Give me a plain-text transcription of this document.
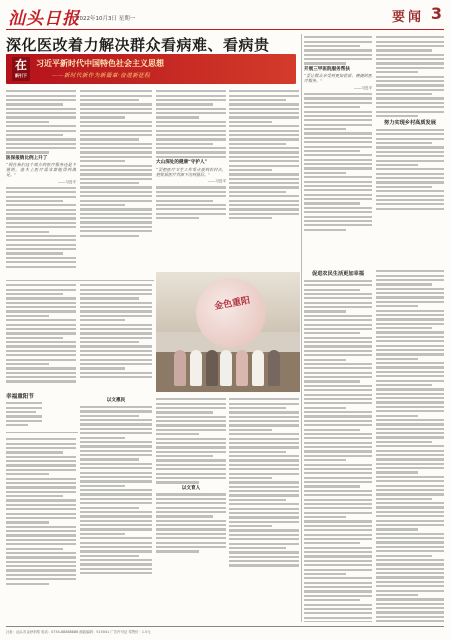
汕头日报
2022年10月3日 星期一	要闻 3
深化医改着力解决群众看病难、看病贵
在
新引下
习近平新时代中国特色社会主义思想
——新时代新作为新篇章·奋进新征程
医保报销比例上升了
“现在我们这个地方的医疗服务还是不错的，基本上医疗需求都能得到满足。”
——习近平
大山深处的健康“守护人”
“要把医疗卫生工作重点放到农村去，把优质医疗资源下沉到基层。”
——习近平
开展三甲医院服务帮扶
“要让群众享受到更加优质、便捷的医疗服务。”
——习近平
努力实现乡村高质发展
促进农民生活更加幸福
金色重阳
幸福重阳节
以文惠民
以文育人
社址：汕头市金砂东路 电话：0754-88888888 邮政编码：515041 广告许可证 零售价：1.5元
